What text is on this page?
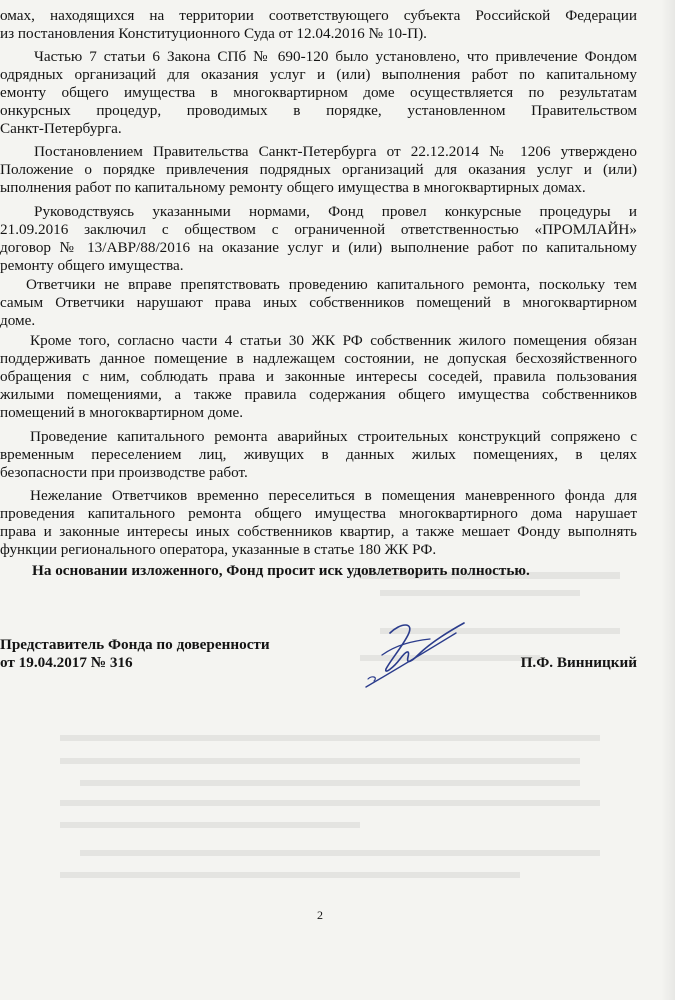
омах, находящихся на территории соответствующего субъекта Российской Федерации
из постановления Конституционного Суда от 12.04.2016 № 10-П).
Частью 7 статьи 6 Закона СПб № 690-120 было установлено, что привлечение Фондом
одрядных организаций для оказания услуг и (или) выполнения работ по капитальному
емонту общего имущества в многоквартирном доме осуществляется по результатам
онкурсных процедур, проводимых в порядке, установленном Правительством
Санкт-Петербурга.
Постановлением Правительства Санкт-Петербурга от 22.12.2014 № 1206 утверждено
Положение о порядке привлечения подрядных организаций для оказания услуг и (или)
ыполнения работ по капитальному ремонту общего имущества в многоквартирных домах.
Руководствуясь указанными нормами, Фонд провел конкурсные процедуры и
21.09.2016 заключил с обществом с ограниченной ответственностью «ПРОМЛАЙН»
договор № 13/АВР/88/2016 на оказание услуг и (или) выполнение работ по капитальному
ремонту общего имущества.
Ответчики не вправе препятствовать проведению капитального ремонта, поскольку тем
самым Ответчики нарушают права иных собственников помещений в многоквартирном
доме.
Кроме того, согласно части 4 статьи 30 ЖК РФ собственник жилого помещения обязан
поддерживать данное помещение в надлежащем состоянии, не допуская бесхозяйственного
обращения с ним, соблюдать права и законные интересы соседей, правила пользования
жилыми помещениями, а также правила содержания общего имущества собственников
помещений в многоквартирном доме.
Проведение капитального ремонта аварийных строительных конструкций сопряжено с
временным переселением лиц, живущих в данных жилых помещениях, в целях
безопасности при производстве работ.
Нежелание Ответчиков временно переселиться в помещения маневренного фонда для
проведения капитального ремонта общего имущества многоквартирного дома нарушает
права и законные интересы иных собственников квартир, а также мешает Фонду выполнять
функции регионального оператора, указанные в статье 180 ЖК РФ.
На основании изложенного, Фонд просит иск удовлетворить полностью.
Представитель Фонда по доверенности
от 19.04.2017 № 316	П.Ф. Винницкий
2
